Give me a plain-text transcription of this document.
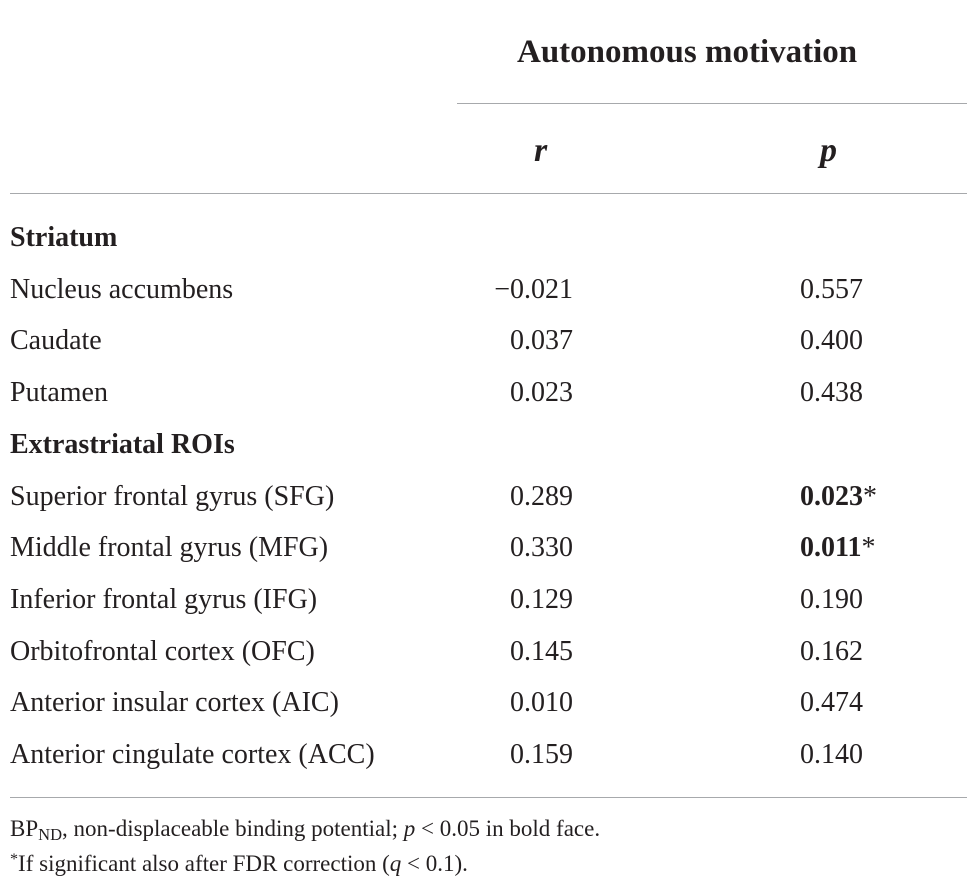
Autonomous motivation
r	p
Striatum
Nucleus accumbens	−0.021	0.557
Caudate	0.037	0.400
Putamen	0.023	0.438
Extrastriatal ROIs
Superior frontal gyrus (SFG)	0.289	0.023*
Middle frontal gyrus (MFG)	0.330	0.011*
Inferior frontal gyrus (IFG)	0.129	0.190
Orbitofrontal cortex (OFC)	0.145	0.162
Anterior insular cortex (AIC)	0.010	0.474
Anterior cingulate cortex (ACC)	0.159	0.140
$BP_{ND}$, non-displaceable binding potential; p < 0.05 in bold face.
*If significant also after FDR correction (q < 0.1).
